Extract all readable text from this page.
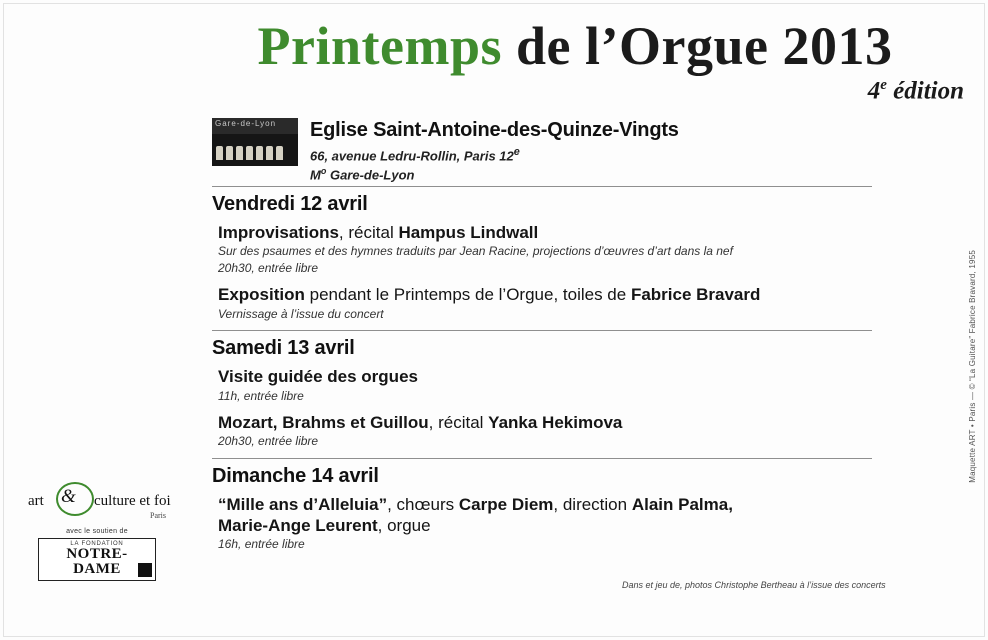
Printemps de l’Orgue 2013
4e édition
Gare-de-Lyon Eglise Saint-Antoine-des-Quinze-Vingts
66, avenue Ledru-Rollin, Paris 12e
$M^o$ Gare-de-Lyon
Vendredi 12 avril
Improvisations, récital Hampus Lindwall
Sur des psaumes et des hymnes traduits par Jean Racine, projections d’œuvres d’art dans la nef
20h30, entrée libre
Exposition pendant le Printemps de l’Orgue, toiles de Fabrice Bravard
Vernissage à l’issue du concert
Samedi 13 avril
Visite guidée des orgues
11h, entrée libre
Mozart, Brahms et Guillou, récital Yanka Hekimova
20h30, entrée libre
Dimanche 14 avril
“Mille ans d’Alleluia”, chœurs Carpe Diem, direction Alain Palma,
Marie-Ange Leurent, orgue
16h, entrée libre
art & culture et foi
Paris
avec le soutien de
LA FONDATION
NOTRE-DAME
Maquette ART • Paris — © “La Guitare” Fabrice Bravard, 1955
Dans et jeu de, photos Christophe Bertheau à l’issue des concerts
